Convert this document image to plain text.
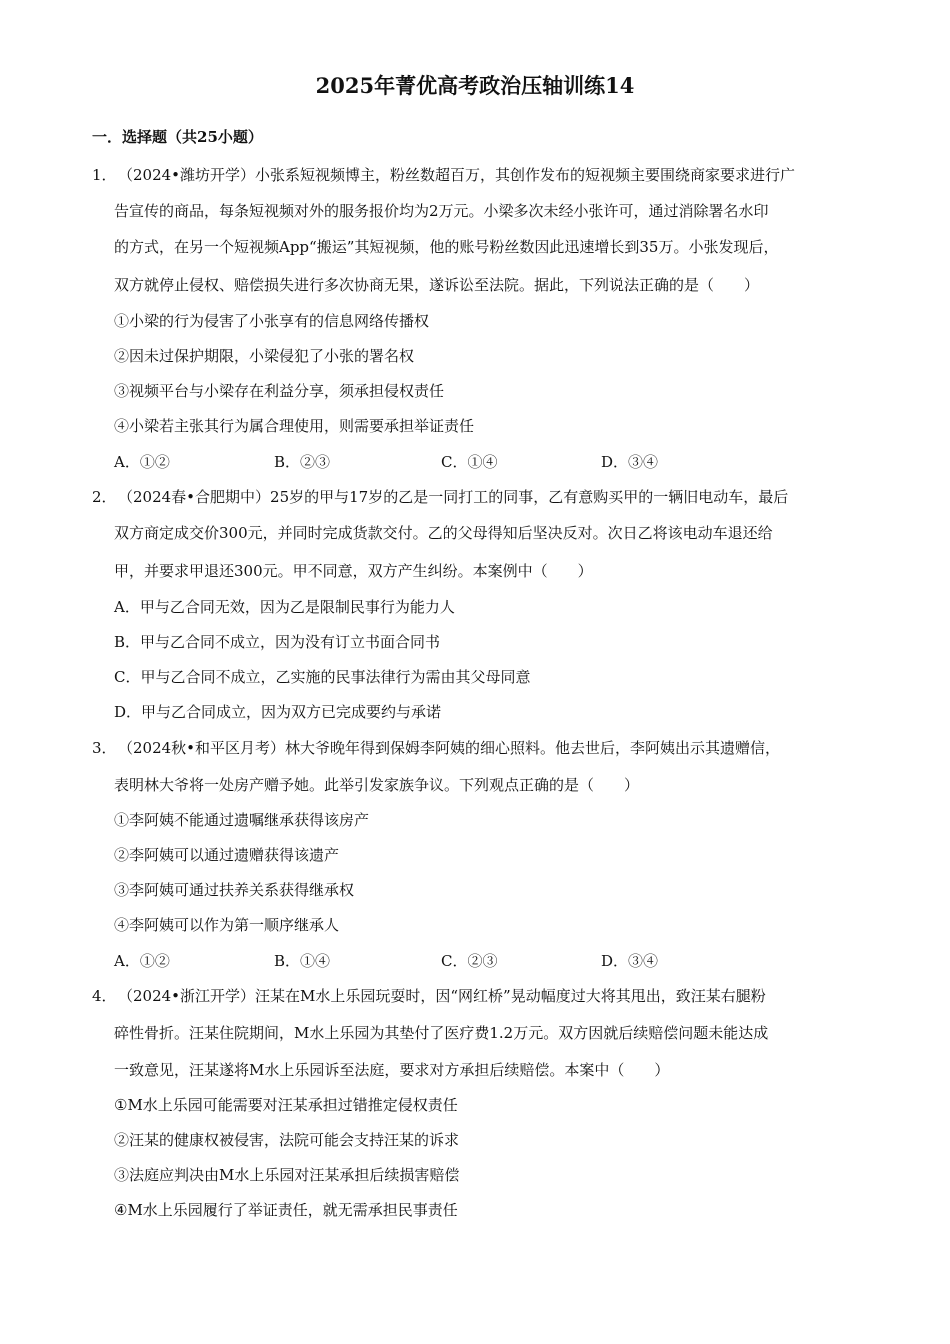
2025年菁优高考政治压轴训练14
一．选择题（共25小题）
1． （2024•潍坊开学）小张系短视频博主，粉丝数超百万，其创作发布的短视频主要围绕商家要求进行广
告宣传的商品，每条短视频对外的服务报价均为2万元。小梁多次未经小张许可，通过消除署名水印
的方式，在另一个短视频App“搬运”其短视频，他的账号粉丝数因此迅速增长到35万。小张发现后，
双方就停止侵权、赔偿损失进行多次协商无果，遂诉讼至法院。据此，下列说法正确的是（　　）
①小梁的行为侵害了小张享有的信息网络传播权
②因未过保护期限，小梁侵犯了小张的署名权
③视频平台与小梁存在利益分享，须承担侵权责任
④小梁若主张其行为属合理使用，则需要承担举证责任
A．①②	B．②③	C．①④	D．③④
2． （2024春•合肥期中）25岁的甲与17岁的乙是一同打工的同事，乙有意购买甲的一辆旧电动车，最后
双方商定成交价300元，并同时完成货款交付。乙的父母得知后坚决反对。次日乙将该电动车退还给
甲，并要求甲退还300元。甲不同意，双方产生纠纷。本案例中（　　）
A．甲与乙合同无效，因为乙是限制民事行为能力人
B．甲与乙合同不成立，因为没有订立书面合同书
C．甲与乙合同不成立，乙实施的民事法律行为需由其父母同意
D．甲与乙合同成立，因为双方已完成要约与承诺
3． （2024秋•和平区月考）林大爷晚年得到保姆李阿姨的细心照料。他去世后，李阿姨出示其遗赠信，
表明林大爷将一处房产赠予她。此举引发家族争议。下列观点正确的是（　　）
①李阿姨不能通过遗嘱继承获得该房产
②李阿姨可以通过遗赠获得该遗产
③李阿姨可通过扶养关系获得继承权
④李阿姨可以作为第一顺序继承人
A．①②	B．①④	C．②③	D．③④
4． （2024•浙江开学）汪某在M水上乐园玩耍时，因“网红桥”晃动幅度过大将其甩出，致汪某右腿粉
碎性骨折。汪某住院期间，M水上乐园为其垫付了医疗费1.2万元。双方因就后续赔偿问题未能达成
一致意见，汪某遂将M水上乐园诉至法庭，要求对方承担后续赔偿。本案中（　　）
①M水上乐园可能需要对汪某承担过错推定侵权责任
②汪某的健康权被侵害，法院可能会支持汪某的诉求
③法庭应判决由M水上乐园对汪某承担后续损害赔偿
④M水上乐园履行了举证责任，就无需承担民事责任
